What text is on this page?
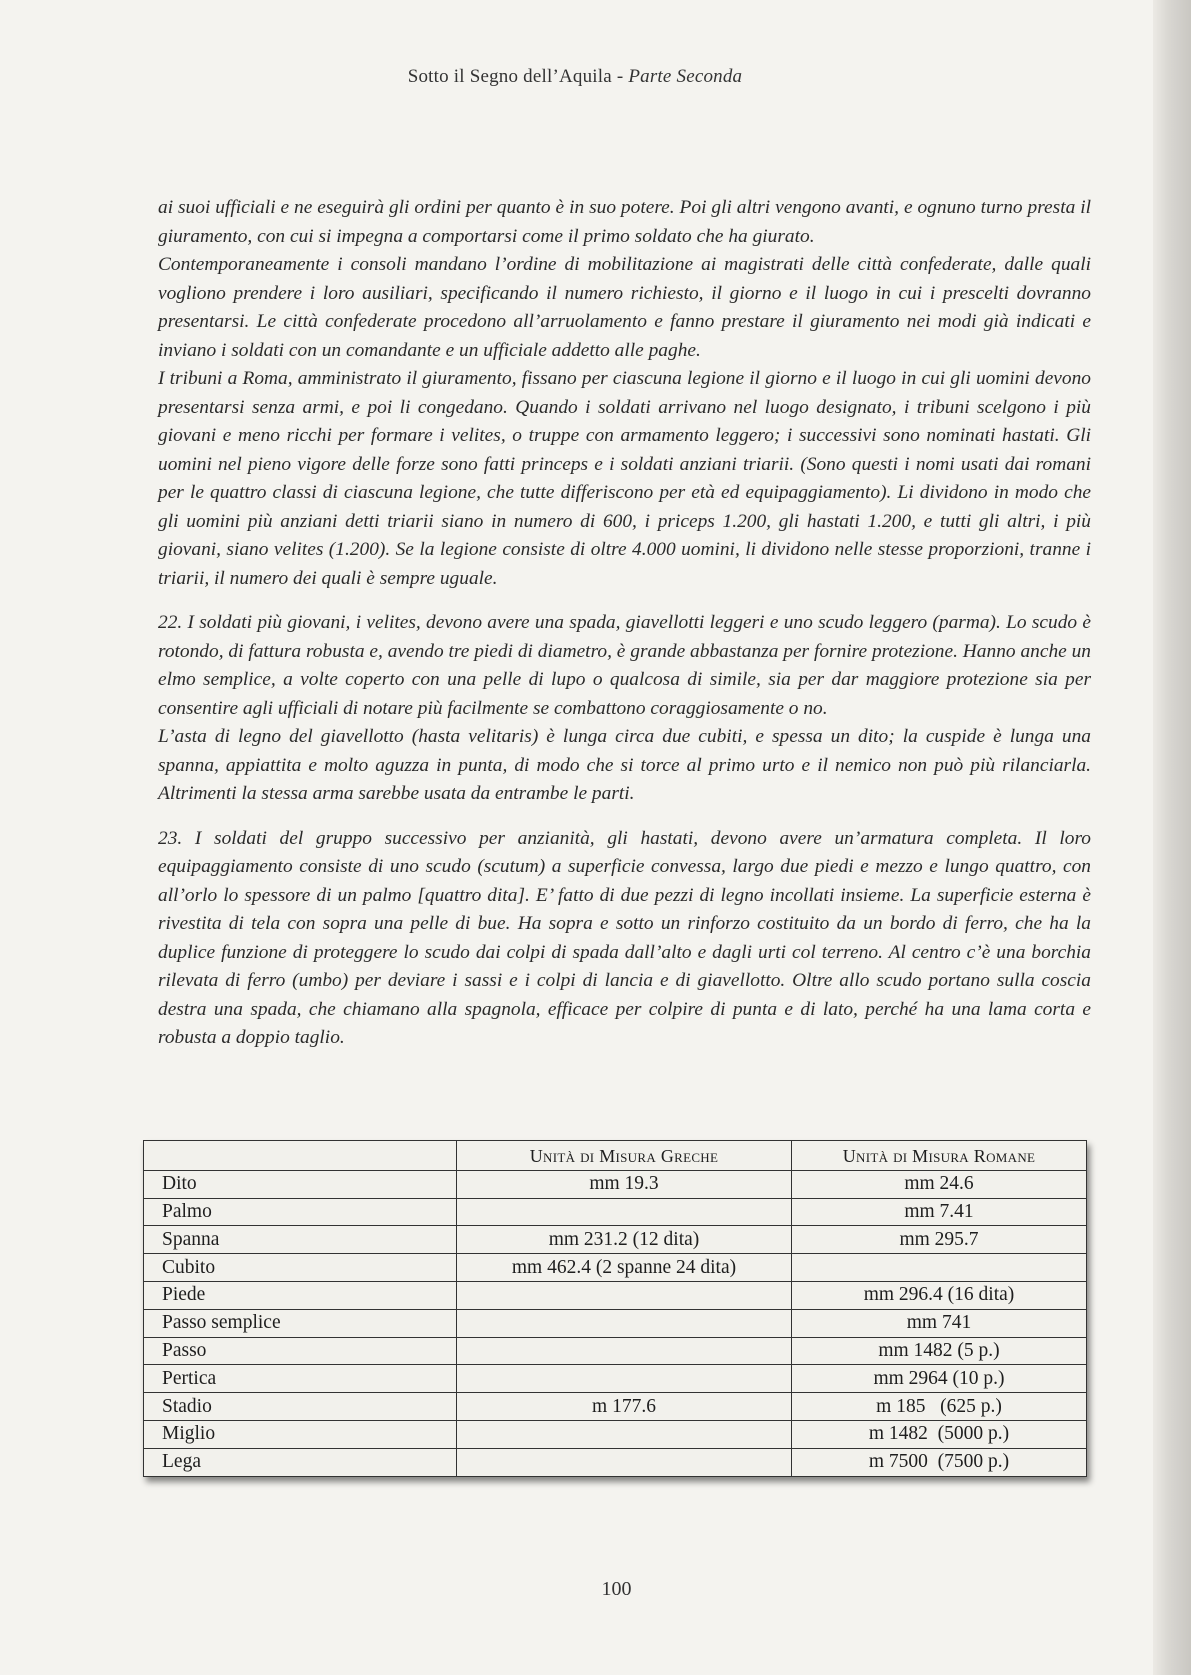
Sotto il Segno dell’Aquila - Parte Seconda

ai suoi ufficiali e ne eseguirà gli ordini per quanto è in suo potere. Poi gli altri vengono avanti, e ognuno turno presta il giuramento, con cui si impegna a comportarsi come il primo soldato che ha giurato.

Contemporaneamente i consoli mandano l’ordine di mobilitazione ai magistrati delle città confederate, dalle quali vogliono prendere i loro ausiliari, specificando il numero richiesto, il giorno e il luogo in cui i prescelti dovranno presentarsi. Le città confederate procedono all’arruolamento e fanno prestare il giuramento nei modi già indicati e inviano i soldati con un comandante e un ufficiale addetto alle paghe.

I tribuni a Roma, amministrato il giuramento, fissano per ciascuna legione il giorno e il luogo in cui gli uomini devono presentarsi senza armi, e poi li congedano. Quando i soldati arrivano nel luogo designato, i tribuni scelgono i più giovani e meno ricchi per formare i velites, o truppe con armamento leggero; i successivi sono nominati hastati. Gli uomini nel pieno vigore delle forze sono fatti princeps e i soldati anziani triarii. (Sono questi i nomi usati dai romani per le quattro classi di ciascuna legione, che tutte differiscono per età ed equipaggiamento). Li dividono in modo che gli uomini più anziani detti triarii siano in numero di 600, i priceps 1.200, gli hastati 1.200, e tutti gli altri, i più giovani, siano velites (1.200). Se la legione consiste di oltre 4.000 uomini, li dividono nelle stesse proporzioni, tranne i triarii, il numero dei quali è sempre uguale.

22. I soldati più giovani, i velites, devono avere una spada, giavellotti leggeri e uno scudo leggero (parma). Lo scudo è rotondo, di fattura robusta e, avendo tre piedi di diametro, è grande abbastanza per fornire protezione. Hanno anche un elmo semplice, a volte coperto con una pelle di lupo o qualcosa di simile, sia per dar maggiore protezione sia per consentire agli ufficiali di notare più facilmente se combattono coraggiosamente o no.

L’asta di legno del giavellotto (hasta velitaris) è lunga circa due cubiti, e spessa un dito; la cuspide è lunga una spanna, appiattita e molto aguzza in punta, di modo che si torce al primo urto e il nemico non può più rilanciarla. Altrimenti la stessa arma sarebbe usata da entrambe le parti.

23. I soldati del gruppo successivo per anzianità, gli hastati, devono avere un’armatura completa. Il loro equipaggiamento consiste di uno scudo (scutum) a superficie convessa, largo due piedi e mezzo e lungo quattro, con all’orlo lo spessore di un palmo [quattro dita]. E’ fatto di due pezzi di legno incollati insieme. La superficie esterna è rivestita di tela con sopra una pelle di bue. Ha sopra e sotto un rinforzo costituito da un bordo di ferro, che ha la duplice funzione di proteggere lo scudo dai colpi di spada dall’alto e dagli urti col terreno. Al centro c’è una borchia rilevata di ferro (umbo) per deviare i sassi e i colpi di lancia e di giavellotto. Oltre allo scudo portano sulla coscia destra una spada, che chiamano alla spagnola, efficace per colpire di punta e di lato, perché ha una lama corta e robusta a doppio taglio.

	Unità di Misura Greche	Unità di Misura Romane
Dito	mm 19.3	mm 24.6
Palmo		mm 7.41
Spanna	mm 231.2 (12 dita)	mm 295.7
Cubito	mm 462.4 (2 spanne 24 dita)	
Piede		mm 296.4 (16 dita)
Passo semplice		mm 741
Passo		mm 1482 (5 p.)
Pertica		mm 2964 (10 p.)
Stadio	m 177.6	m 185   (625 p.)
Miglio		m 1482  (5000 p.)
Lega		m 7500  (7500 p.)
100
